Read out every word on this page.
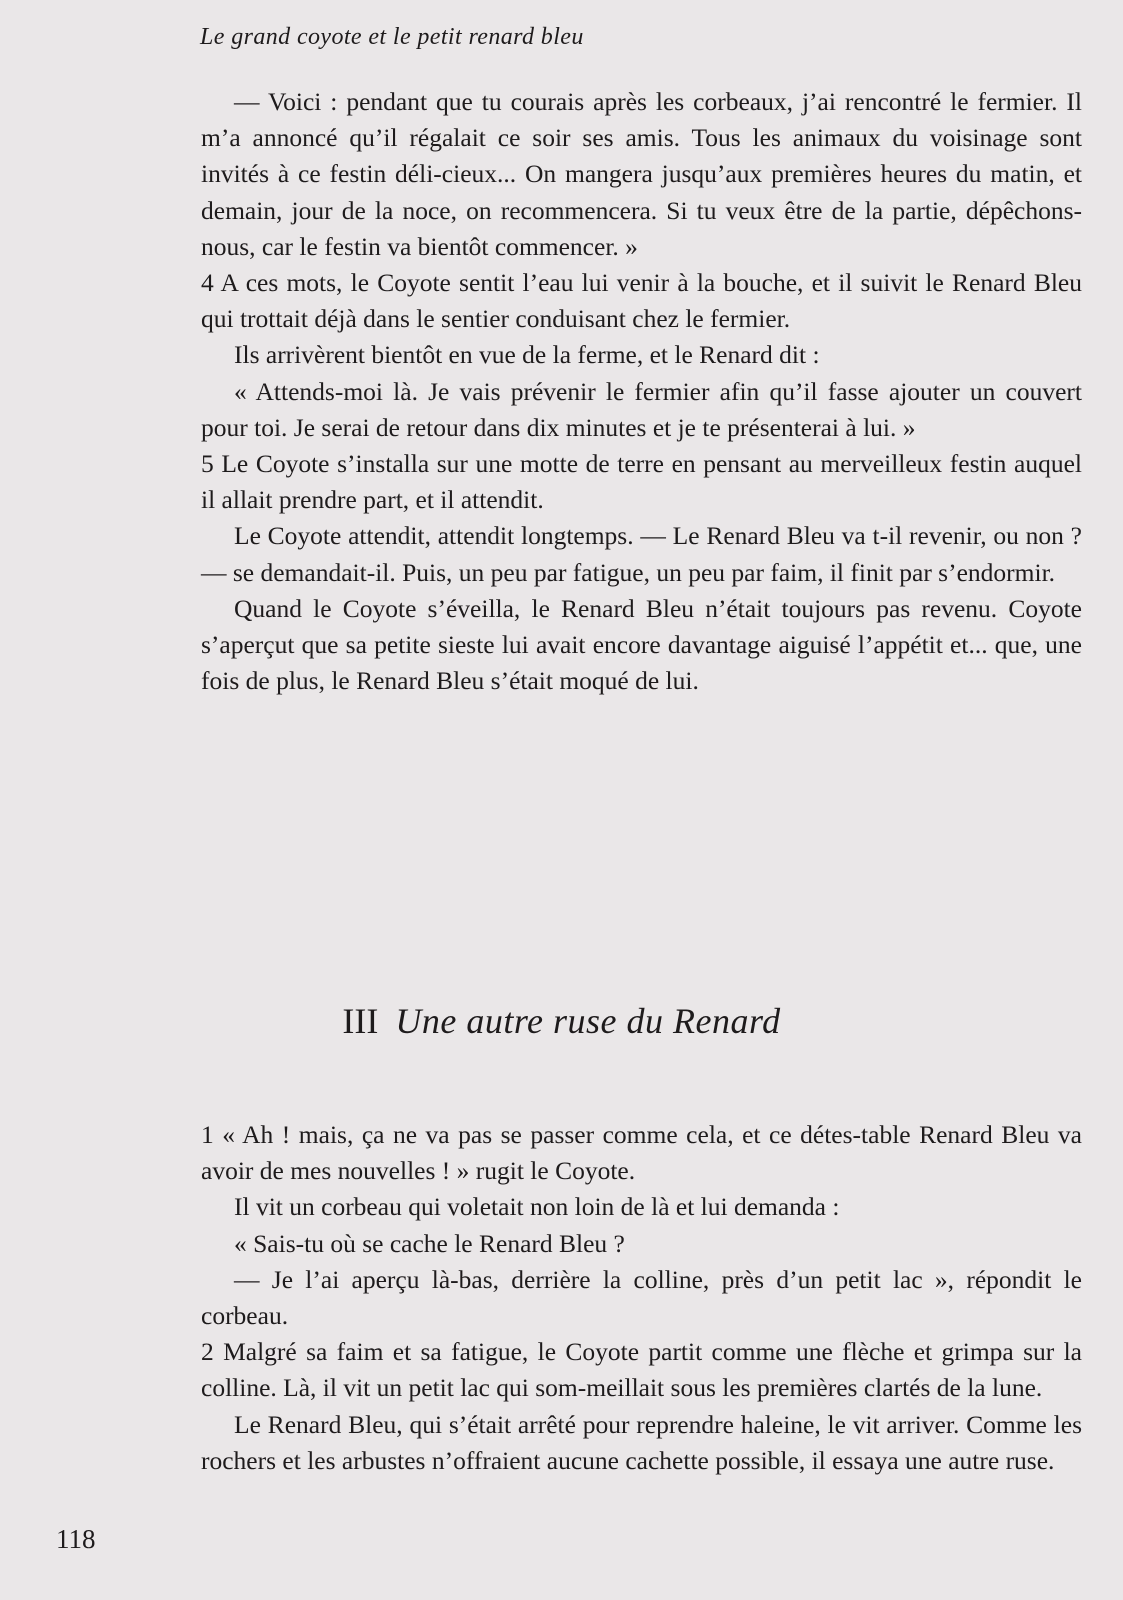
Le grand coyote et le petit renard bleu

— Voici : pendant que tu courais après les corbeaux, j’ai rencontré le fermier. Il m’a annoncé qu’il régalait ce soir ses amis. Tous les animaux du voisinage sont invités à ce festin déli-cieux... On mangera jusqu’aux premières heures du matin, et demain, jour de la noce, on recommencera. Si tu veux être de la partie, dépêchons-nous, car le festin va bientôt commencer. »

4 A ces mots, le Coyote sentit l’eau lui venir à la bouche, et il suivit le Renard Bleu qui trottait déjà dans le sentier conduisant chez le fermier.

Ils arrivèrent bientôt en vue de la ferme, et le Renard dit :

« Attends-moi là. Je vais prévenir le fermier afin qu’il fasse ajouter un couvert pour toi. Je serai de retour dans dix minutes et je te présenterai à lui. »

5 Le Coyote s’installa sur une motte de terre en pensant au merveilleux festin auquel il allait prendre part, et il attendit.

Le Coyote attendit, attendit longtemps. — Le Renard Bleu va t-il revenir, ou non ? — se demandait-il. Puis, un peu par fatigue, un peu par faim, il finit par s’endormir.

Quand le Coyote s’éveilla, le Renard Bleu n’était toujours pas revenu. Coyote s’aperçut que sa petite sieste lui avait encore davantage aiguisé l’appétit et... que, une fois de plus, le Renard Bleu s’était moqué de lui.

III Une autre ruse du Renard

1 « Ah ! mais, ça ne va pas se passer comme cela, et ce détes-table Renard Bleu va avoir de mes nouvelles ! » rugit le Coyote.

Il vit un corbeau qui voletait non loin de là et lui demanda :

« Sais-tu où se cache le Renard Bleu ?

— Je l’ai aperçu là-bas, derrière la colline, près d’un petit lac », répondit le corbeau.

2 Malgré sa faim et sa fatigue, le Coyote partit comme une flèche et grimpa sur la colline. Là, il vit un petit lac qui som-meillait sous les premières clartés de la lune.

Le Renard Bleu, qui s’était arrêté pour reprendre haleine, le vit arriver. Comme les rochers et les arbustes n’offraient aucune cachette possible, il essaya une autre ruse.

118
